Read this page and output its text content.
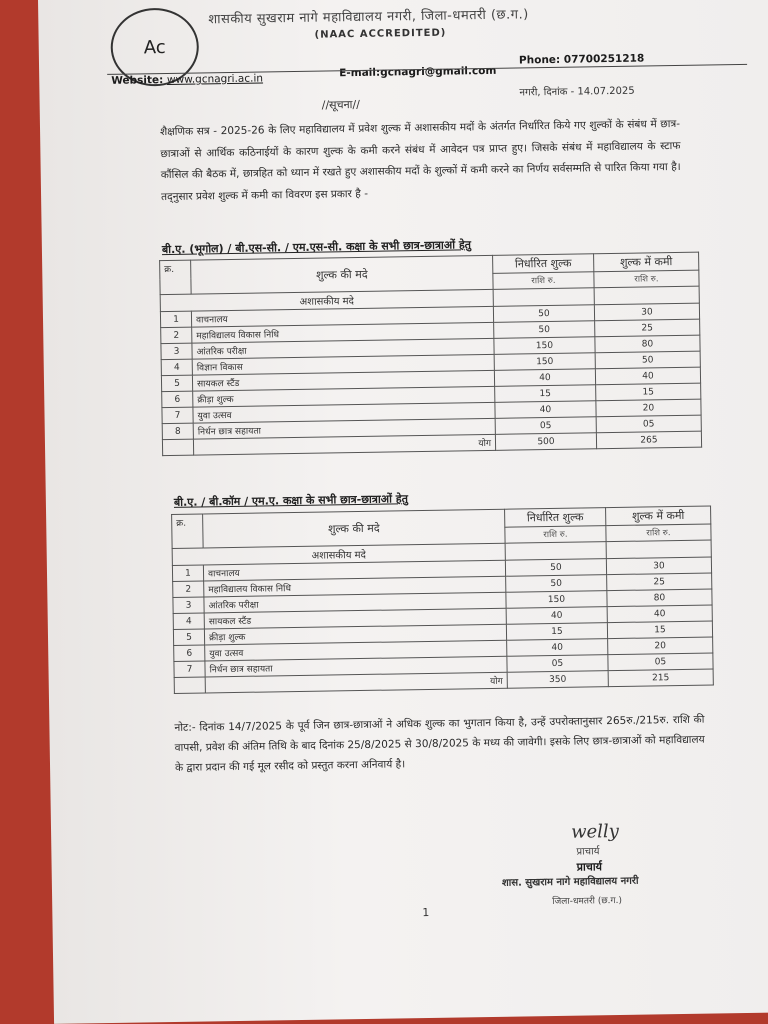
Ac
शासकीय सुखराम नागे महाविद्यालय नगरी, जिला-धमतरी (छ.ग.)
(NAAC ACCREDITED)
Phone: 07700251218
E-mail:gcnagri@gmail.com
Website: www.gcnagri.ac.in
नगरी, दिनांक - 14.07.2025
//सूचना//
शैक्षणिक सत्र - 2025-26 के लिए महाविद्यालय में प्रवेश शुल्क में अशासकीय मदों के अंतर्गत निर्धारित किये गए शुल्कों के संबंध में छात्र-छात्राओं से आर्थिक कठिनाईयों के कारण शुल्क के कमी करने संबंध में आवेदन पत्र प्राप्त हुए। जिसके संबंध में महाविद्यालय के स्टाफ कौंसिल की बैठक में, छात्रहित को ध्यान में रखते हुए अशासकीय मदों के शुल्कों में कमी करने का निर्णय सर्वसम्मति से पारित किया गया है। तद्‌नुसार प्रवेश शुल्क में कमी का विवरण इस प्रकार है -
बी.ए. (भूगोल) / बी.एस-सी. / एम.एस-सी. कक्षा के सभी छात्र-छात्राओं हेतु
क्र.	शुल्क की मदे	निर्धारित शुल्क	शुल्क में कमी
		राशि रु.	राशि रु.
अशासकीय मदे			
1	वाचनालय	50	30
2	महाविद्यालय विकास निधि	50	25
3	आंतरिक परीक्षा	150	80
4	विज्ञान विकास	150	50
5	सायकल स्टैंड	40	40
6	क्रीड़ा शुल्क	15	15
7	युवा उत्सव	40	20
8	निर्धन छात्र सहायता	05	05
	योग	500	265
बी.ए. / बी.कॉम / एम.ए. कक्षा के सभी छात्र-छात्राओं हेतु
क्र.	शुल्क की मदे	निर्धारित शुल्क	शुल्क में कमी
		राशि रु.	राशि रु.
अशासकीय मदे			
1	वाचनालय	50	30
2	महाविद्यालय विकास निधि	50	25
3	आंतरिक परीक्षा	150	80
4	सायकल स्टैंड	40	40
5	क्रीड़ा शुल्क	15	15
6	युवा उत्सव	40	20
7	निर्धन छात्र सहायता	05	05
	योग	350	215
नोट:- दिनांक 14/7/2025 के पूर्व जिन छात्र-छात्राओं ने अधिक शुल्क का भुगतान किया है, उन्हें उपरोक्तानुसार 265रु./215रु. राशि की वापसी, प्रवेश की अंतिम तिथि के बाद दिनांक 25/8/2025 से 30/8/2025 के मध्य की जावेगी। इसके लिए छात्र-छात्राओं को महाविद्यालय के द्वारा प्रदान की गई मूल रसीद को प्रस्तुत करना अनिवार्य है।
welly
प्राचार्य
प्राचार्य
शास. सुखराम नागे महाविद्यालय नगरी
जिला-धमतरी (छ.ग.)
1
